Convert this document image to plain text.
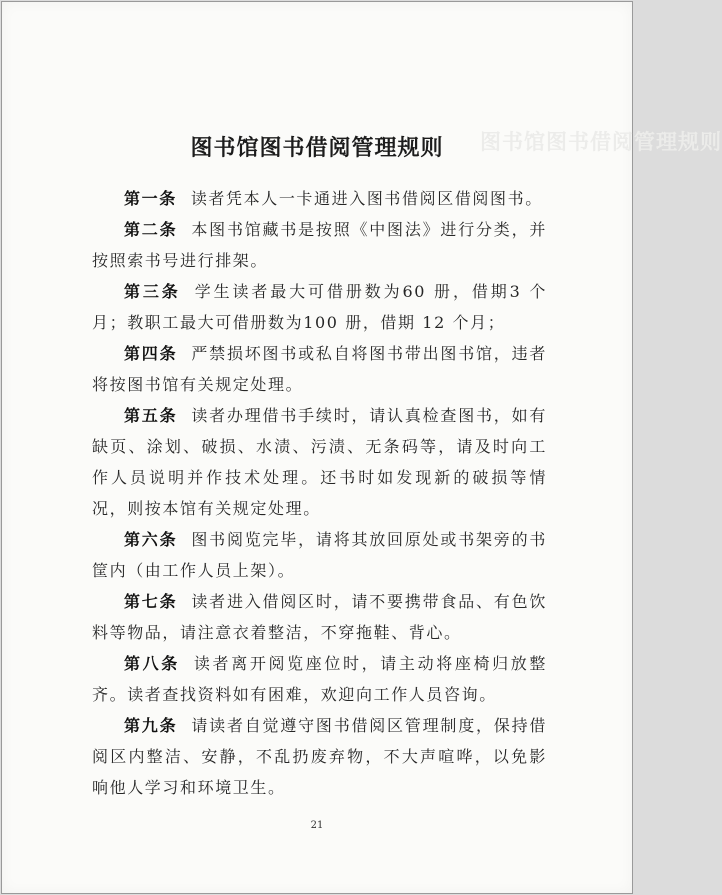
图书馆图书借阅管理规则
图书馆图书借阅管理规则

第一条 读者凭本人一卡通进入图书借阅区借阅图书。

第二条 本图书馆藏书是按照《中图法》进行分类，并按照索书号进行排架。

第三条 学生读者最大可借册数为60 册，借期3 个月；教职工最大可借册数为100 册，借期 12 个月；

第四条 严禁损坏图书或私自将图书带出图书馆，违者将按图书馆有关规定处理。

第五条 读者办理借书手续时，请认真检查图书，如有缺页、涂划、破损、水渍、污渍、无条码等，请及时向工作人员说明并作技术处理。还书时如发现新的破损等情况，则按本馆有关规定处理。

第六条 图书阅览完毕，请将其放回原处或书架旁的书筐内（由工作人员上架）。

第七条 读者进入借阅区时，请不要携带食品、有色饮料等物品，请注意衣着整洁，不穿拖鞋、背心。

第八条 读者离开阅览座位时，请主动将座椅归放整齐。读者查找资料如有困难，欢迎向工作人员咨询。

第九条 请读者自觉遵守图书借阅区管理制度，保持借阅区内整洁、安静，不乱扔废弃物，不大声喧哗，以免影响他人学习和环境卫生。

21
